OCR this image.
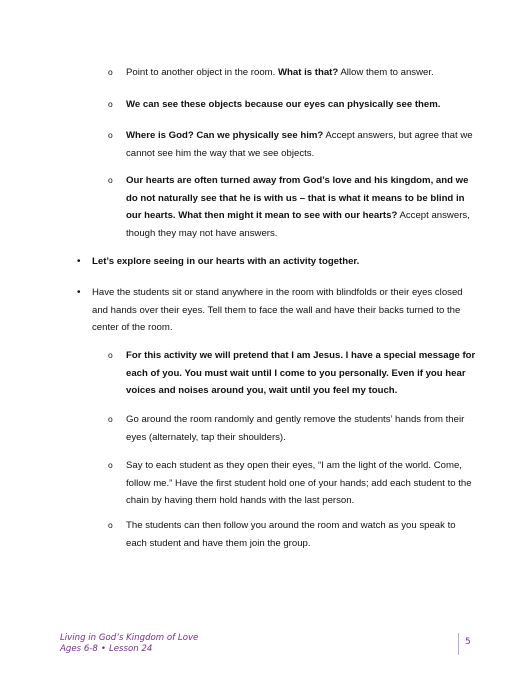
o Point to another object in the room. What is that? Allow them to answer.

o We can see these objects because our eyes can physically see them.

o Where is God? Can we physically see him? Accept answers, but agree that we cannot see him the way that we see objects.

o Our hearts are often turned away from God’s love and his kingdom, and we do not naturally see that he is with us – that is what it means to be blind in our hearts. What then might it mean to see with our hearts? Accept answers, though they may not have answers.

• Let’s explore seeing in our hearts with an activity together.

• Have the students sit or stand anywhere in the room with blindfolds or their eyes closed and hands over their eyes. Tell them to face the wall and have their backs turned to the center of the room.

o For this activity we will pretend that I am Jesus. I have a special message for each of you. You must wait until I come to you personally. Even if you hear voices and noises around you, wait until you feel my touch.

o Go around the room randomly and gently remove the students’ hands from their eyes (alternately, tap their shoulders).

o Say to each student as they open their eyes, “I am the light of the world. Come, follow me.” Have the first student hold one of your hands; add each student to the chain by having them hold hands with the last person.

o The students can then follow you around the room and watch as you speak to each student and have them join the group.

Living in God’s Kingdom of Love
Ages 6-8 • Lesson 24
5
